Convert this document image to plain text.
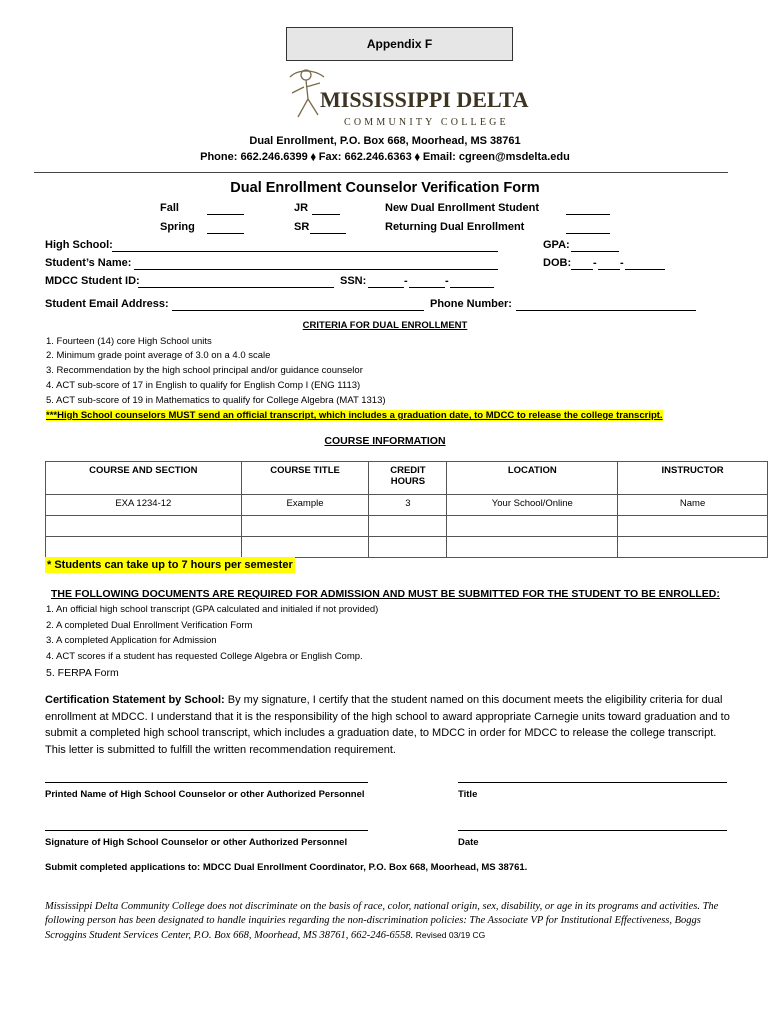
Appendix F
MISSISSIPPI DELTA
COMMUNITY COLLEGE
Dual Enrollment, P.O. Box 668, Moorhead, MS 38761
Phone: 662.246.6399 ⬧ Fax: 662.246.6363 ⬧ Email: cgreen@msdelta.edu
Dual Enrollment Counselor Verification Form
Fall	JR	New Dual Enrollment Student
Spring	SR	Returning Dual Enrollment
High School:	GPA:
Student’s Name:	DOB: - -
MDCC Student ID:	SSN:	-	-
Student Email Address:	Phone Number:
CRITERIA FOR DUAL ENROLLMENT
1. Fourteen (14) core High School units
2. Minimum grade point average of 3.0 on a 4.0 scale
3. Recommendation by the high school principal and/or guidance counselor
4. ACT sub-score of 17 in English to qualify for English Comp I (ENG 1113)
5. ACT sub-score of 19 in Mathematics to qualify for College Algebra (MAT 1313)
***High School counselors MUST send an official transcript, which includes a graduation date, to MDCC to release the college transcript.
COURSE INFORMATION
COURSE AND SECTION	COURSE TITLE	CREDIT HOURS	LOCATION	INSTRUCTOR
EXA 1234-12	Example	3	Your School/Online	Name

* Students can take up to 7 hours per semester
THE FOLLOWING DOCUMENTS ARE REQUIRED FOR ADMISSION AND MUST BE SUBMITTED FOR THE STUDENT TO BE ENROLLED:
1. An official high school transcript (GPA calculated and initialed if not provided)
2. A completed Dual Enrollment Verification Form
3. A completed Application for Admission
4. ACT scores if a student has requested College Algebra or English Comp.
5. FERPA Form
Certification Statement by School: By my signature, I certify that the student named on this document meets the eligibility criteria for dual enrollment at MDCC. I understand that it is the responsibility of the high school to award appropriate Carnegie units toward graduation and to submit a completed high school transcript, which includes a graduation date, to MDCC in order for MDCC to release the college transcript. This letter is submitted to fulfill the written recommendation requirement.
Printed Name of High School Counselor or other Authorized Personnel	Title
Signature of High School Counselor or other Authorized Personnel	Date
Submit completed applications to: MDCC Dual Enrollment Coordinator, P.O. Box 668, Moorhead, MS 38761.
Mississippi Delta Community College does not discriminate on the basis of race, color, national origin, sex, disability, or age in its programs and activities. The following person has been designated to handle inquiries regarding the non-discrimination policies: The Associate VP for Institutional Effectiveness, Boggs Scroggins Student Services Center, P.O. Box 668, Moorhead, MS 38761, 662-246-6558. Revised 03/19 CG
